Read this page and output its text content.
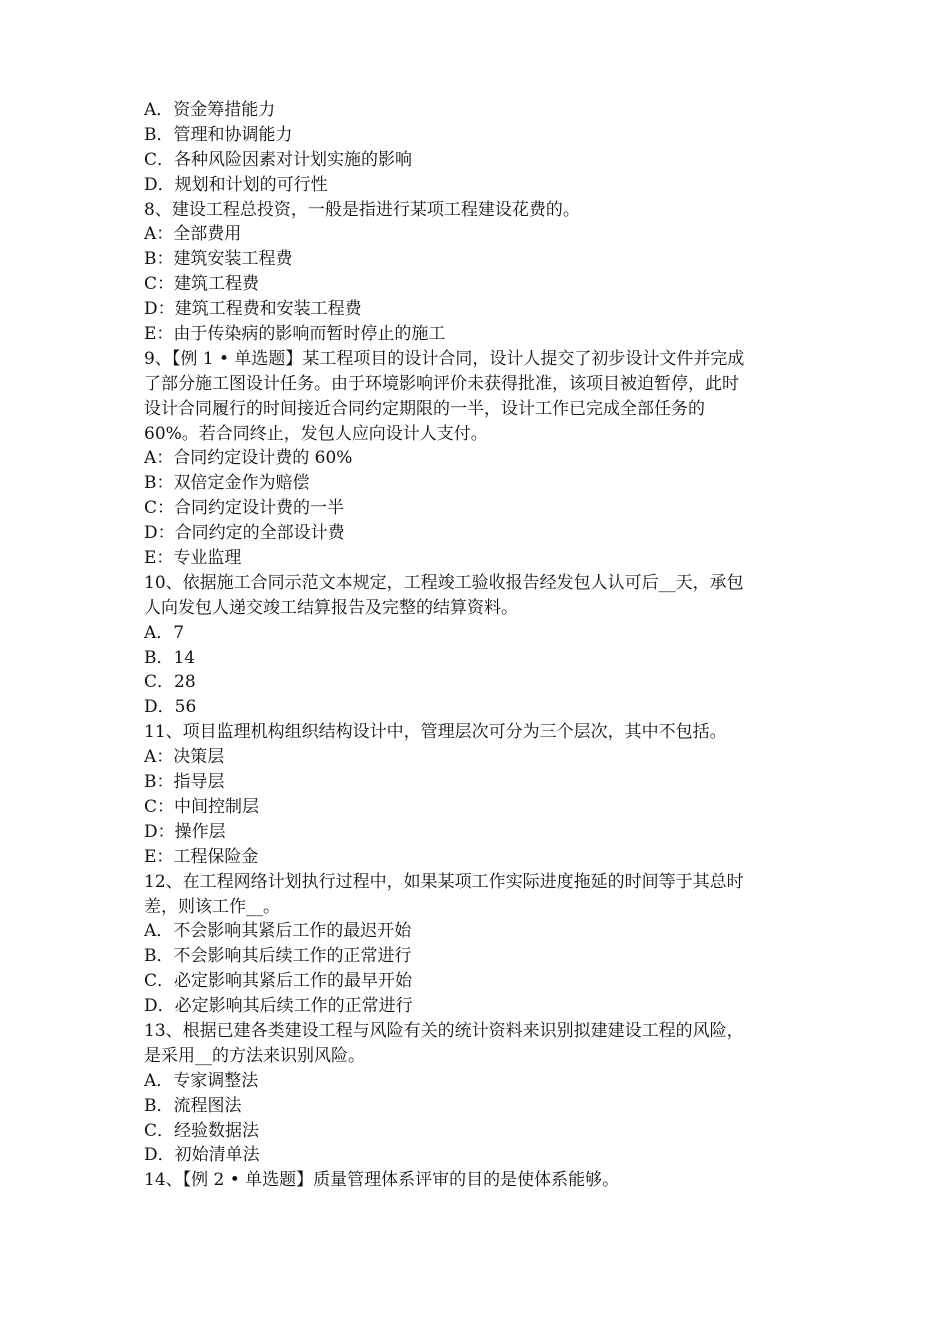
A．资金筹措能力

B．管理和协调能力

C．各种风险因素对计划实施的影响

D．规划和计划的可行性

8、建设工程总投资，一般是指进行某项工程建设花费的。

A：全部费用

B：建筑安装工程费

C：建筑工程费

D：建筑工程费和安装工程费

E：由于传染病的影响而暂时停止的施工

9、【例 1 • 单选题】某工程项目的设计合同，设计人提交了初步设计文件并完成

了部分施工图设计任务。由于环境影响评价未获得批准，该项目被迫暂停，此时

设计合同履行的时间接近合同约定期限的一半，设计工作已完成全部任务的

60%。若合同终止，发包人应向设计人支付。

A：合同约定设计费的 60%

B：双倍定金作为赔偿

C：合同约定设计费的一半

D：合同约定的全部设计费

E：专业监理

10、依据施工合同示范文本规定，工程竣工验收报告经发包人认可后__天，承包

人向发包人递交竣工结算报告及完整的结算资料。

A．7

B．14

C．28

D．56

11、项目监理机构组织结构设计中，管理层次可分为三个层次，其中不包括。

A：决策层

B：指导层

C：中间控制层

D：操作层

E：工程保险金

12、在工程网络计划执行过程中，如果某项工作实际进度拖延的时间等于其总时

差，则该工作__。

A．不会影响其紧后工作的最迟开始

B．不会影响其后续工作的正常进行

C．必定影响其紧后工作的最早开始

D．必定影响其后续工作的正常进行

13、根据已建各类建设工程与风险有关的统计资料来识别拟建建设工程的风险，

是采用__的方法来识别风险。

A．专家调整法

B．流程图法

C．经验数据法

D．初始清单法

14、【例 2 • 单选题】质量管理体系评审的目的是使体系能够。
